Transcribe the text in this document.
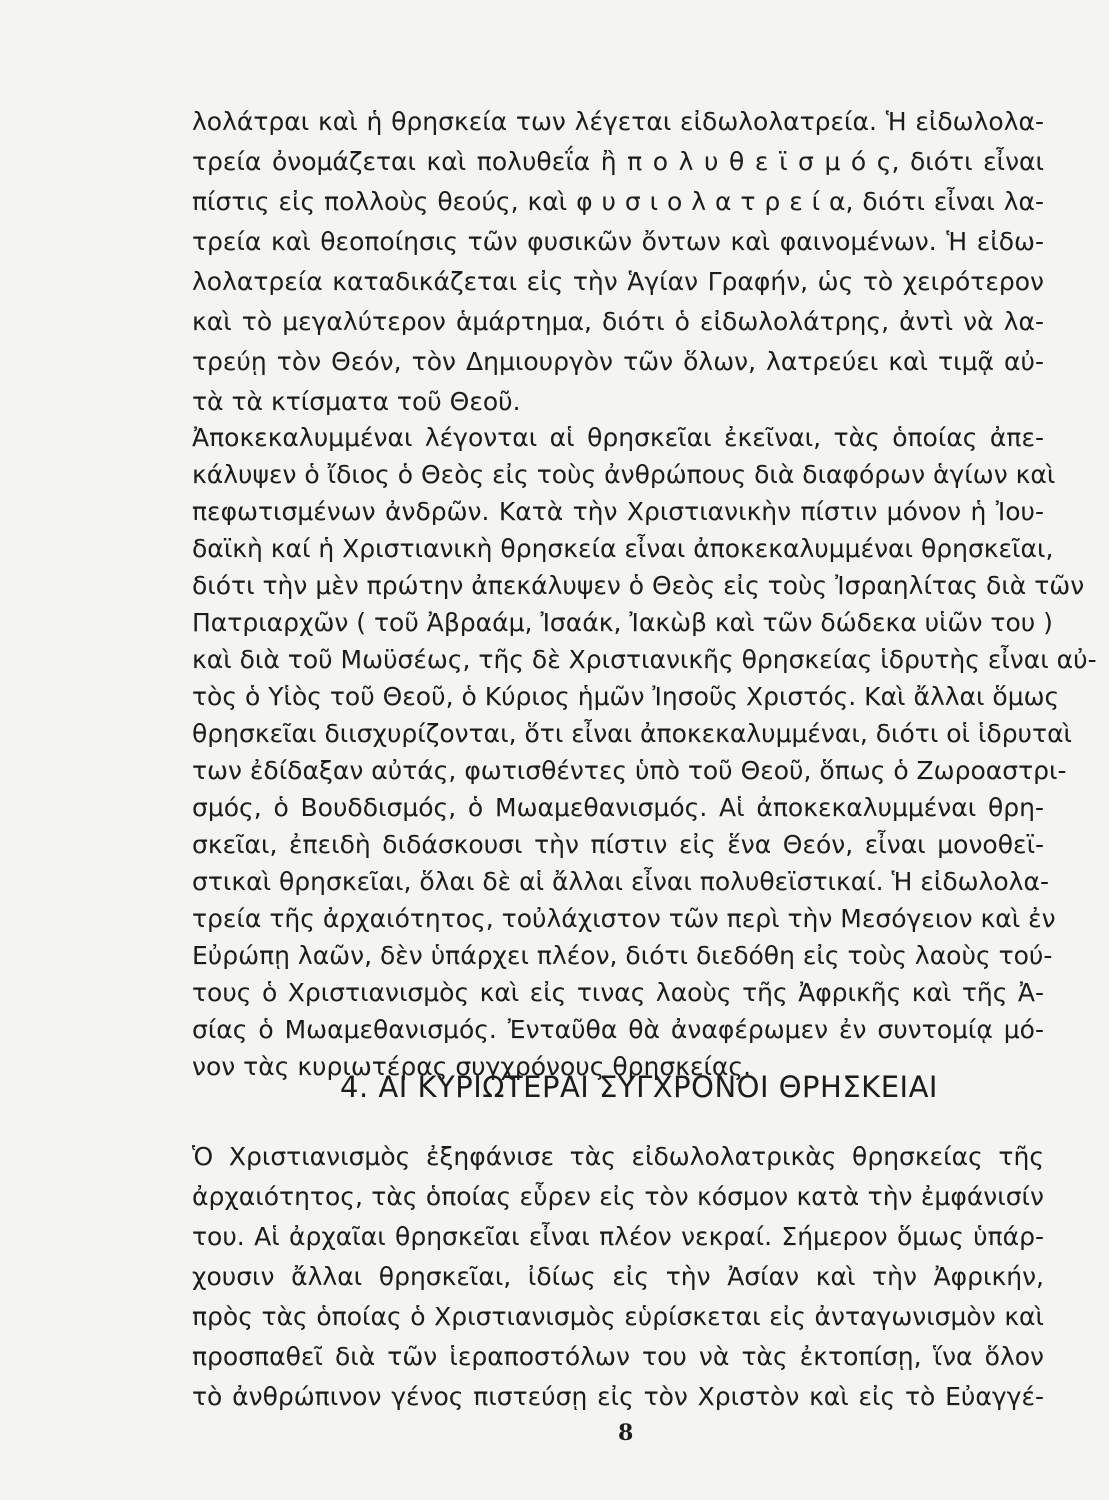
λολάτραι καὶ ἡ θρησκεία των λέγεται εἰδωλολατρεία. Ἡ εἰδωλολα-
τρεία ὀνομάζεται καὶ πολυθεΐα ἢ π ο λ υ θ ε ϊ σ μ ό ς, διότι εἶναι
πίστις εἰς πολλοὺς θεούς, καὶ φ υ σ ι ο λ α τ ρ ε ί α, διότι εἶναι λα-
τρεία καὶ θεοποίησις τῶν φυσικῶν ὄντων καὶ φαινομένων. Ἡ εἰδω-
λολατρεία καταδικάζεται εἰς τὴν Ἁγίαν Γραφήν, ὡς τὸ χειρότερον
καὶ τὸ μεγαλύτερον ἁμάρτημα, διότι ὁ εἰδωλολάτρης, ἀντὶ νὰ λα-
τρεύῃ τὸν Θεόν, τὸν Δημιουργὸν τῶν ὅλων, λατρεύει καὶ τιμᾷ αὐ-
τὰ τὰ κτίσματα τοῦ Θεοῦ.
Ἀποκεκαλυμμέναι λέγονται αἱ θρησκεῖαι ἐκεῖναι, τὰς ὁποίας ἀπε-
κάλυψεν ὁ ἴδιος ὁ Θεὸς εἰς τοὺς ἀνθρώπους διὰ διαφόρων ἁγίων καὶ
πεφωτισμένων ἀνδρῶν. Κατὰ τὴν Χριστιανικὴν πίστιν μόνον ἡ Ἰου-
δαϊκὴ καί ἡ Χριστιανικὴ θρησκεία εἶναι ἀποκεκαλυμμέναι θρησκεῖαι,
διότι τὴν μὲν πρώτην ἀπεκάλυψεν ὁ Θεὸς εἰς τοὺς Ἰσραηλίτας διὰ τῶν
Πατριαρχῶν ( τοῦ Ἀβραάμ, Ἰσαάκ, Ἰακὼβ καὶ τῶν δώδεκα υἱῶν του )
καὶ διὰ τοῦ Μωϋσέως, τῆς δὲ Χριστιανικῆς θρησκείας ἱδρυτὴς εἶναι αὐ-
τὸς ὁ Υἱὸς τοῦ Θεοῦ, ὁ Κύριος ἡμῶν Ἰησοῦς Χριστός. Καὶ ἄλλαι ὅμως
θρησκεῖαι διισχυρίζονται, ὅτι εἶναι ἀποκεκαλυμμέναι, διότι οἱ ἱδρυταὶ
των ἐδίδαξαν αὐτάς, φωτισθέντες ὑπὸ τοῦ Θεοῦ, ὅπως ὁ Ζωροαστρι-
σμός, ὁ Βουδδισμός, ὁ Μωαμεθανισμός. Αἱ ἀποκεκαλυμμέναι θρη-
σκεῖαι, ἐπειδὴ διδάσκουσι τὴν πίστιν εἰς ἕνα Θεόν, εἶναι μονοθεϊ-
στικαὶ θρησκεῖαι, ὅλαι δὲ αἱ ἄλλαι εἶναι πολυθεϊστικαί. Ἡ εἰδωλολα-
τρεία τῆς ἀρχαιότητος, τοὐλάχιστον τῶν περὶ τὴν Μεσόγειον καὶ ἐν
Εὐρώπῃ λαῶν, δὲν ὑπάρχει πλέον, διότι διεδόθη εἰς τοὺς λαοὺς τού-
τους ὁ Χριστιανισμὸς καὶ εἰς τινας λαοὺς τῆς Ἀφρικῆς καὶ τῆς Ἀ-
σίας ὁ Μωαμεθανισμός. Ἐνταῦθα θὰ ἀναφέρωμεν ἐν συντομίᾳ μό-
νον τὰς κυριωτέρας συγχρόνους θρησκείας.
4. ΑΙ ΚΥΡΙΩΤΕΡΑΙ ΣΥΓΧΡΟΝΟΙ ΘΡΗΣΚΕΙΑΙ
Ὁ Χριστιανισμὸς ἐξηφάνισε τὰς εἰδωλολατρικὰς θρησκείας τῆς
ἀρχαιότητος, τὰς ὁποίας εὗρεν εἰς τὸν κόσμον κατὰ τὴν ἐμφάνισίν
του. Αἱ ἀρχαῖαι θρησκεῖαι εἶναι πλέον νεκραί. Σήμερον ὅμως ὑπάρ-
χουσιν ἄλλαι θρησκεῖαι, ἰδίως εἰς τὴν Ἀσίαν καὶ τὴν Ἀφρικήν,
πρὸς τὰς ὁποίας ὁ Χριστιανισμὸς εὑρίσκεται εἰς ἀνταγωνισμὸν καὶ
προσπαθεῖ διὰ τῶν ἱεραποστόλων του νὰ τὰς ἐκτοπίσῃ, ἵνα ὅλον
τὸ ἀνθρώπινον γένος πιστεύσῃ εἰς τὸν Χριστὸν καὶ εἰς τὸ Εὐαγγέ-
8
